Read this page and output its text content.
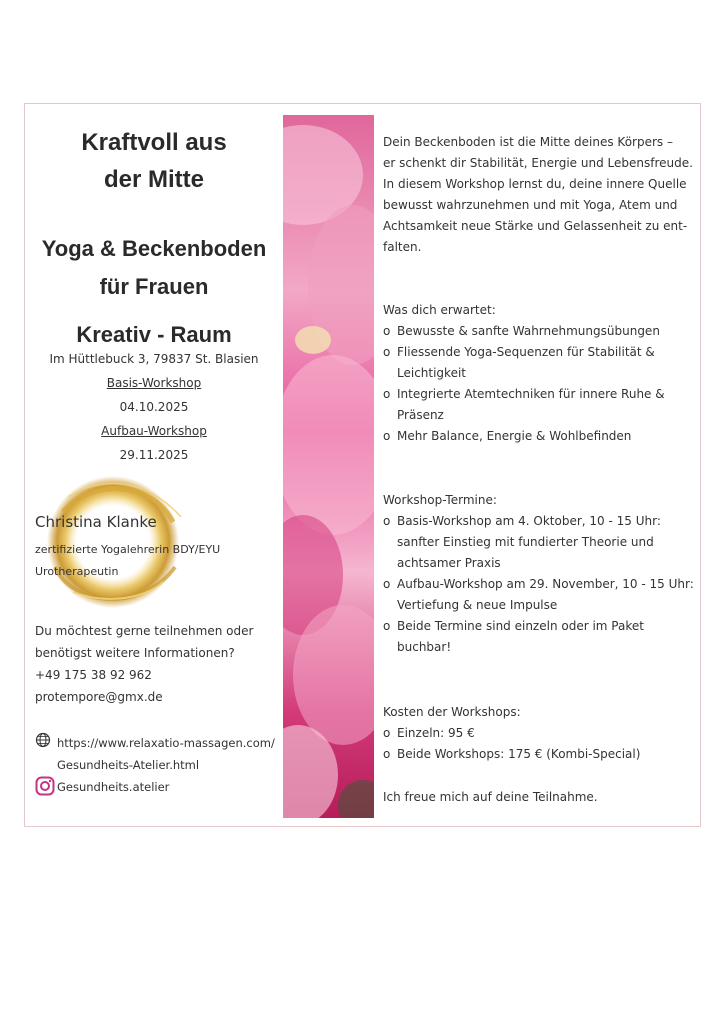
Kraftvoll aus
der Mitte
Yoga & Beckenboden
für Frauen
Kreativ - Raum
Im Hüttlebuck 3, 79837 St. Blasien
Basis-Workshop
04.10.2025
Aufbau-Workshop
29.11.2025
Christina Klanke
zertifizierte Yogalehrerin BDY/EYU
Urotherapeutin
Du möchtest gerne teilnehmen oder
benötigst weitere Informationen?
+49 175 38 92 962
protempore@gmx.de
https://www.relaxatio-massagen.com/
Gesundheits-Atelier.html
Gesundheits.atelier

Dein Beckenboden ist die Mitte deines Körpers –

er schenkt dir Stabilität, Energie und Lebensfreude.

In diesem Workshop lernst du, deine innere Quelle

bewusst wahrzunehmen und mit Yoga, Atem und

Achtsamkeit neue Stärke und Gelassenheit zu ent-

falten.

Was dich erwartet:

o Bewusste & sanfte Wahrnehmungsübungen
o Fliessende Yoga-Sequenzen für Stabilität &
Leichtigkeit
o Integrierte Atemtechniken für innere Ruhe &
Präsenz
o Mehr Balance, Energie & Wohlbefinden

Workshop-Termine:

o Basis-Workshop am 4. Oktober, 10 - 15 Uhr:
sanfter Einstieg mit fundierter Theorie und
achtsamer Praxis
o Aufbau-Workshop am 29. November, 10 - 15 Uhr:
Vertiefung & neue Impulse
o Beide Termine sind einzeln oder im Paket buchbar!

Kosten der Workshops:

o Einzeln: 95 €
o Beide Workshops: 175 € (Kombi-Special)

Ich freue mich auf deine Teilnahme.
